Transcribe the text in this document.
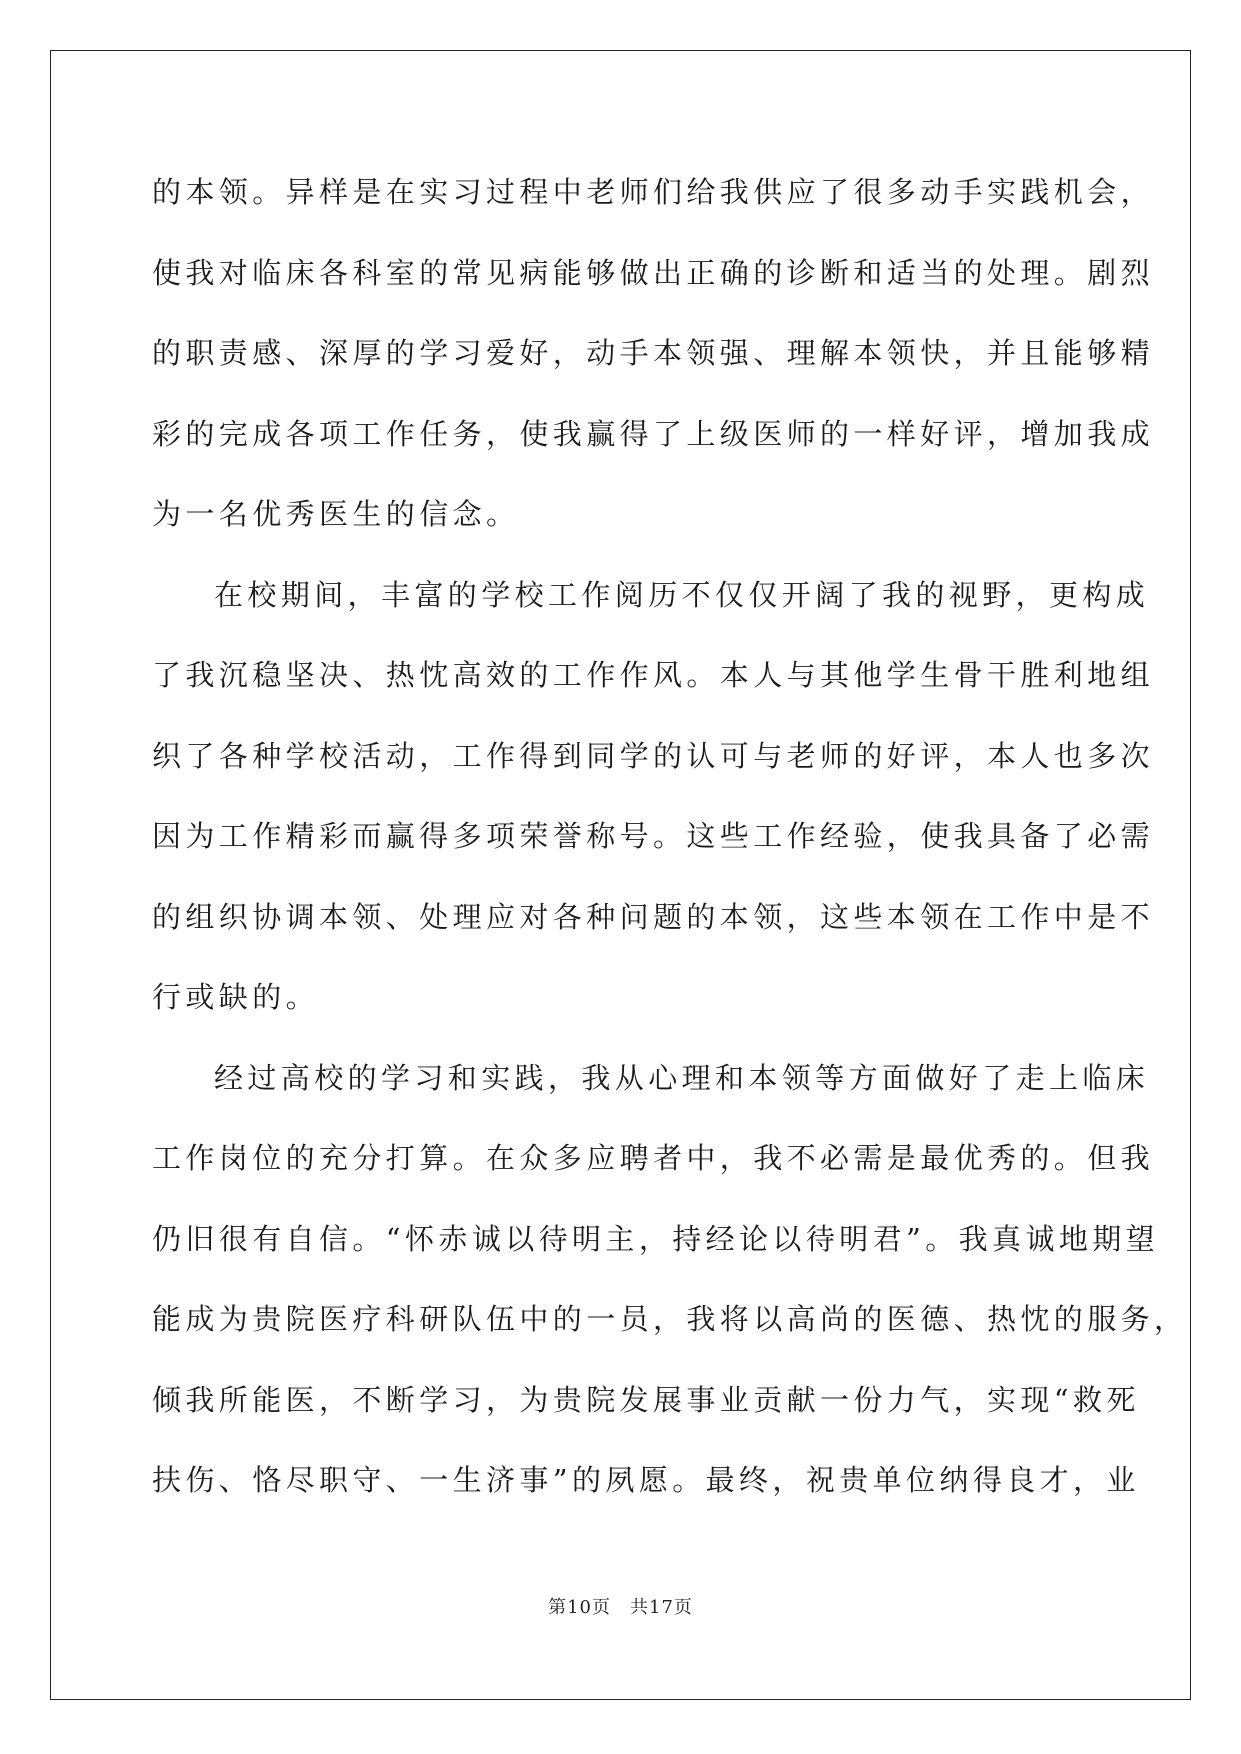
的本领。异样是在实习过程中老师们给我供应了很多动手实践机会，
使我对临床各科室的常见病能够做出正确的诊断和适当的处理。剧烈
的职责感、深厚的学习爱好，动手本领强、理解本领快，并且能够精
彩的完成各项工作任务，使我赢得了上级医师的一样好评，增加我成
为一名优秀医生的信念。
在校期间，丰富的学校工作阅历不仅仅开阔了我的视野，更构成
了我沉稳坚决、热忱高效的工作作风。本人与其他学生骨干胜利地组
织了各种学校活动，工作得到同学的认可与老师的好评，本人也多次
因为工作精彩而赢得多项荣誉称号。这些工作经验，使我具备了必需
的组织协调本领、处理应对各种问题的本领，这些本领在工作中是不
行或缺的。
经过高校的学习和实践，我从心理和本领等方面做好了走上临床
工作岗位的充分打算。在众多应聘者中，我不必需是最优秀的。但我
仍旧很有自信。“怀赤诚以待明主，持经论以待明君”。我真诚地期望
能成为贵院医疗科研队伍中的一员，我将以高尚的医德、热忱的服务，
倾我所能医，不断学习，为贵院发展事业贡献一份力气，实现“救死
扶伤、恪尽职守、一生济事”的夙愿。最终，祝贵单位纳得良才，业
第10页　共17页
